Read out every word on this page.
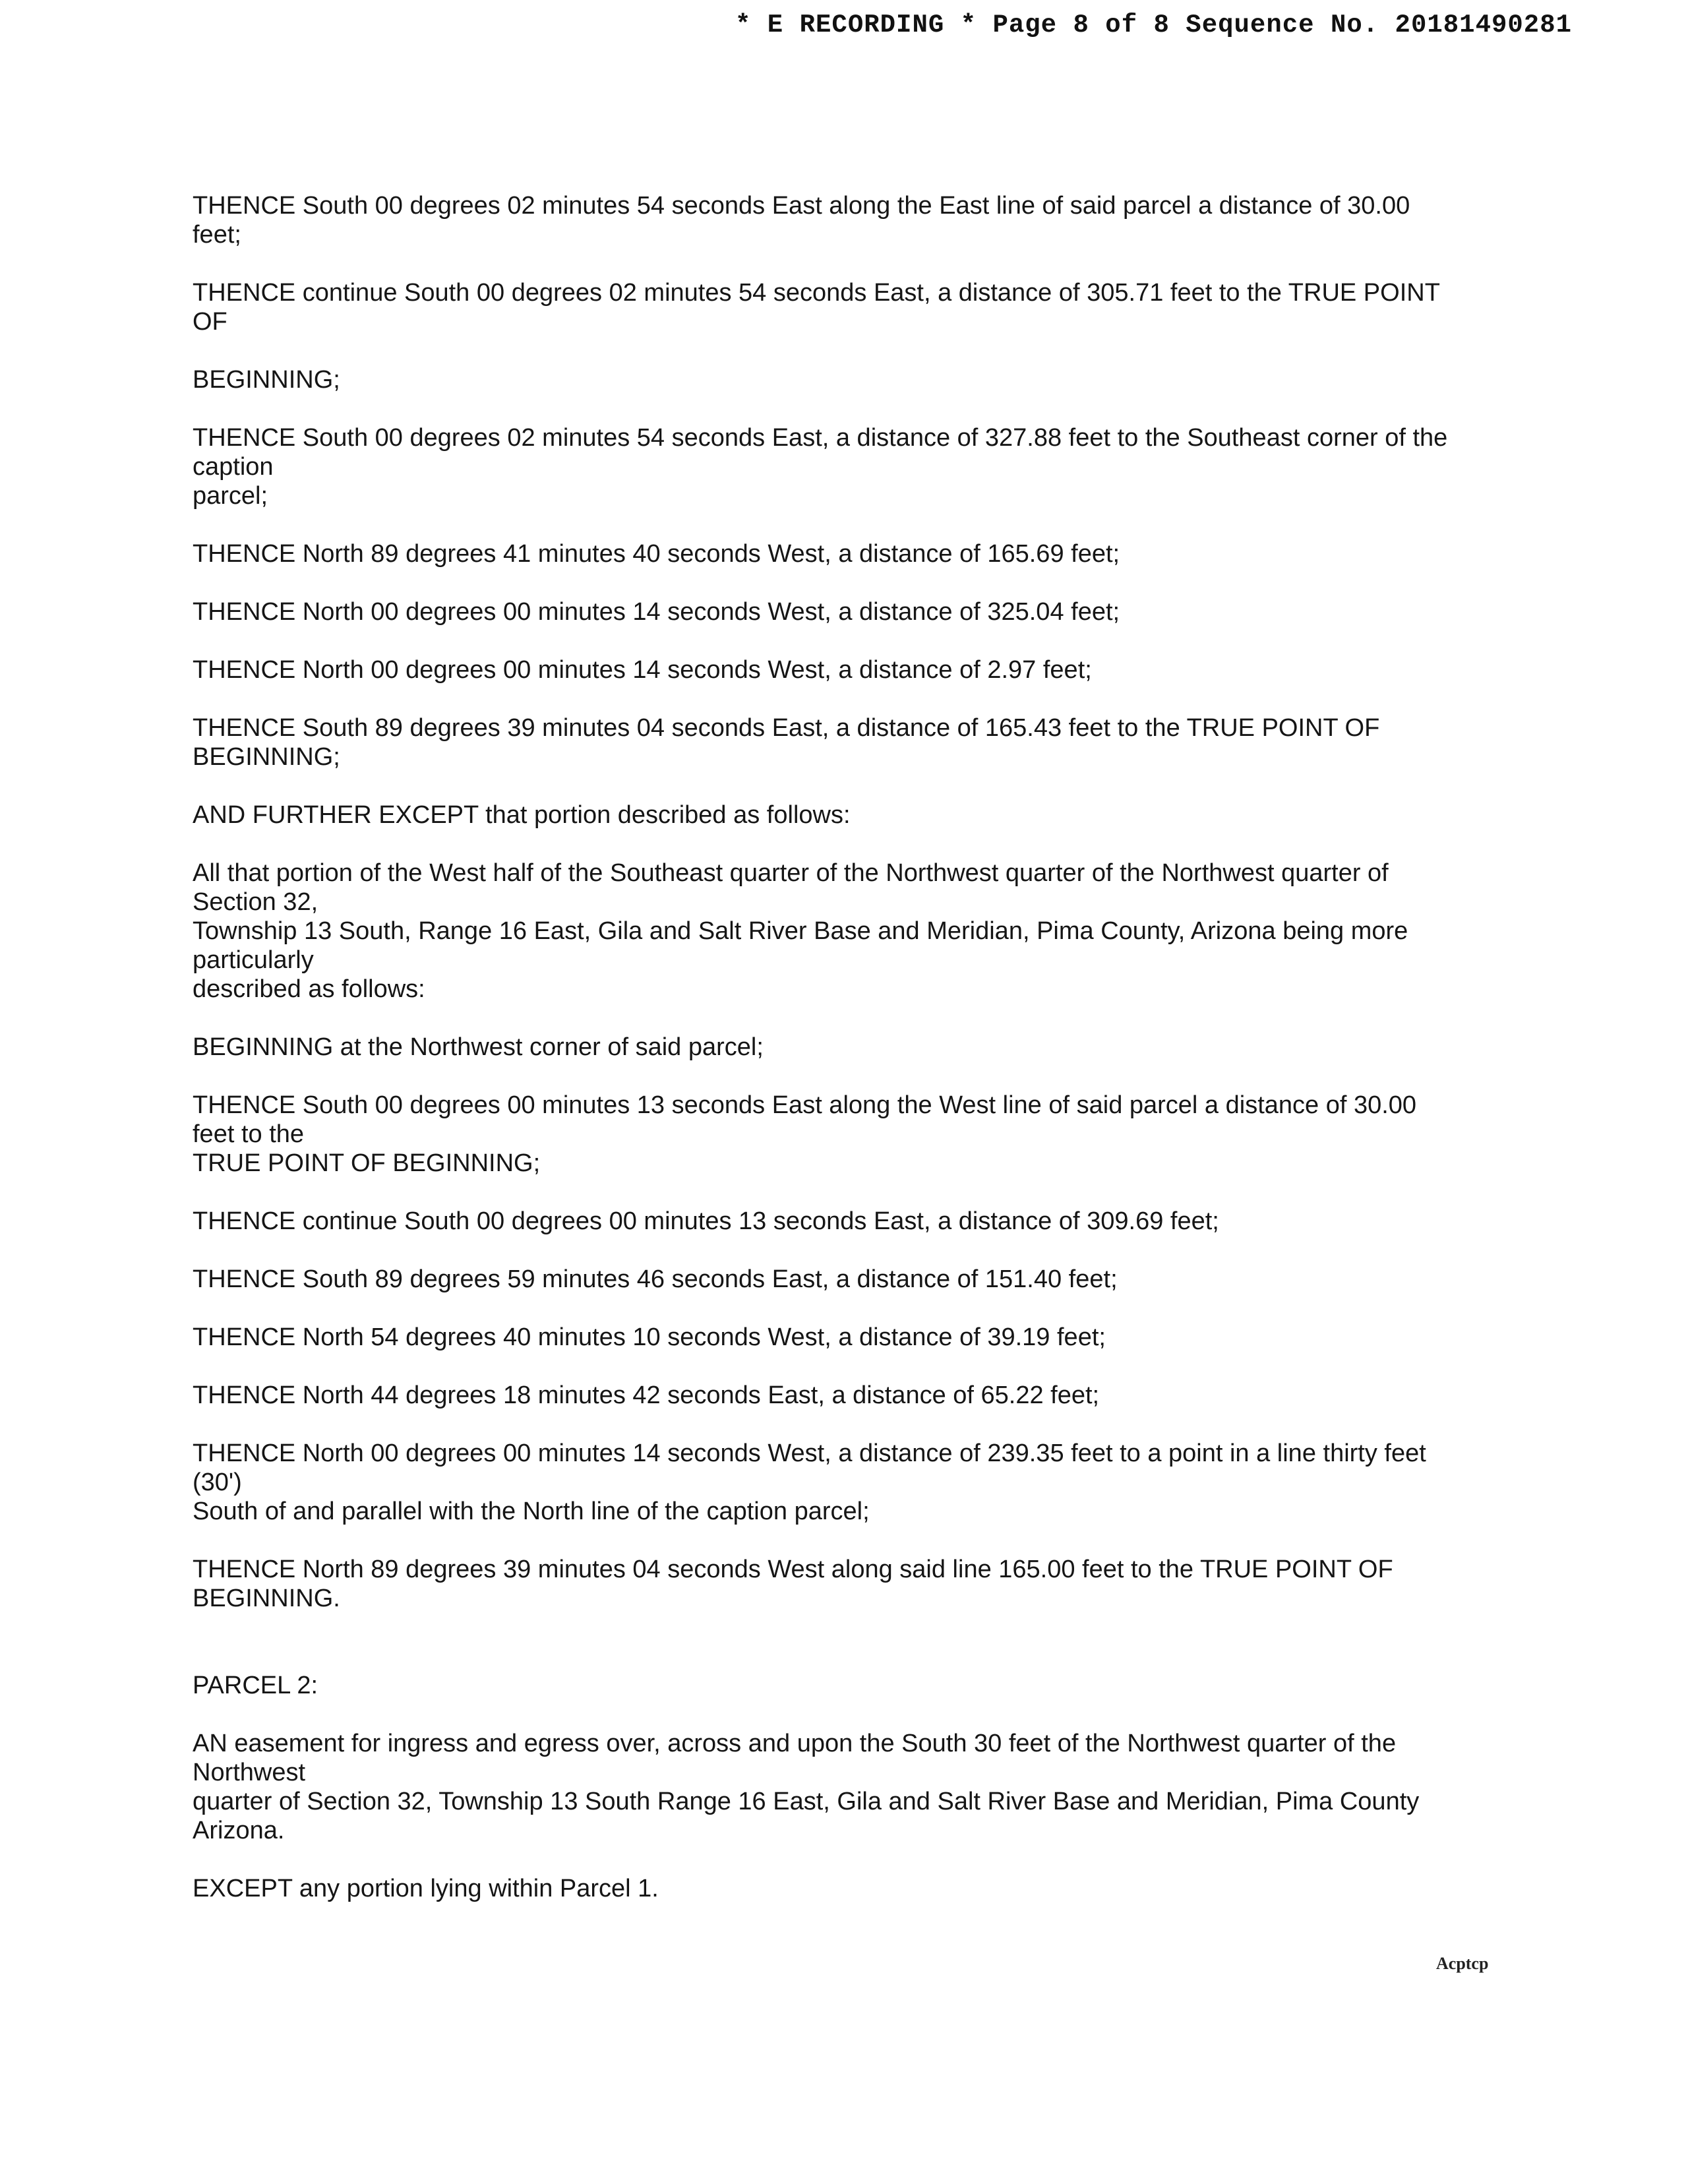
* E RECORDING * Page 8 of 8 Sequence No. 20181490281
THENCE South 00 degrees 02 minutes 54 seconds East along the East line of said parcel a distance of 30.00
feet;
THENCE continue South 00 degrees 02 minutes 54 seconds East, a distance of 305.71 feet to the TRUE POINT
OF
BEGINNING;
THENCE South 00 degrees 02 minutes 54 seconds East, a distance of 327.88 feet to the Southeast corner of the
caption
parcel;
THENCE North 89 degrees 41 minutes 40 seconds West, a distance of 165.69 feet;
THENCE North 00 degrees 00 minutes 14 seconds West, a distance of 325.04 feet;
THENCE North 00 degrees 00 minutes 14 seconds West, a distance of 2.97 feet;
THENCE South 89 degrees 39 minutes 04 seconds East, a distance of 165.43 feet to the TRUE POINT OF
BEGINNING;
AND FURTHER EXCEPT that portion described as follows:
All that portion of the West half of the Southeast quarter of the Northwest quarter of the Northwest quarter of
Section 32,
Township 13 South, Range 16 East, Gila and Salt River Base and Meridian, Pima County, Arizona being more
particularly
described as follows:
BEGINNING at the Northwest corner of said parcel;
THENCE South 00 degrees 00 minutes 13 seconds East along the West line of said parcel a distance of 30.00
feet to the
TRUE POINT OF BEGINNING;
THENCE continue South 00 degrees 00 minutes 13 seconds East, a distance of 309.69 feet;
THENCE South 89 degrees 59 minutes 46 seconds East, a distance of 151.40 feet;
THENCE North 54 degrees 40 minutes 10 seconds West, a distance of 39.19 feet;
THENCE North 44 degrees 18 minutes 42 seconds East, a distance of 65.22 feet;
THENCE North 00 degrees 00 minutes 14 seconds West, a distance of 239.35 feet to a point in a line thirty feet
(30')
South of and parallel with the North line of the caption parcel;
THENCE North 89 degrees 39 minutes 04 seconds West along said line 165.00 feet to the TRUE POINT OF
BEGINNING.
PARCEL 2:
AN easement for ingress and egress over, across and upon the South 30 feet of the Northwest quarter of the
Northwest
quarter of Section 32, Township 13 South Range 16 East, Gila and Salt River Base and Meridian, Pima County
Arizona.
EXCEPT any portion lying within Parcel 1.
Acptcp
